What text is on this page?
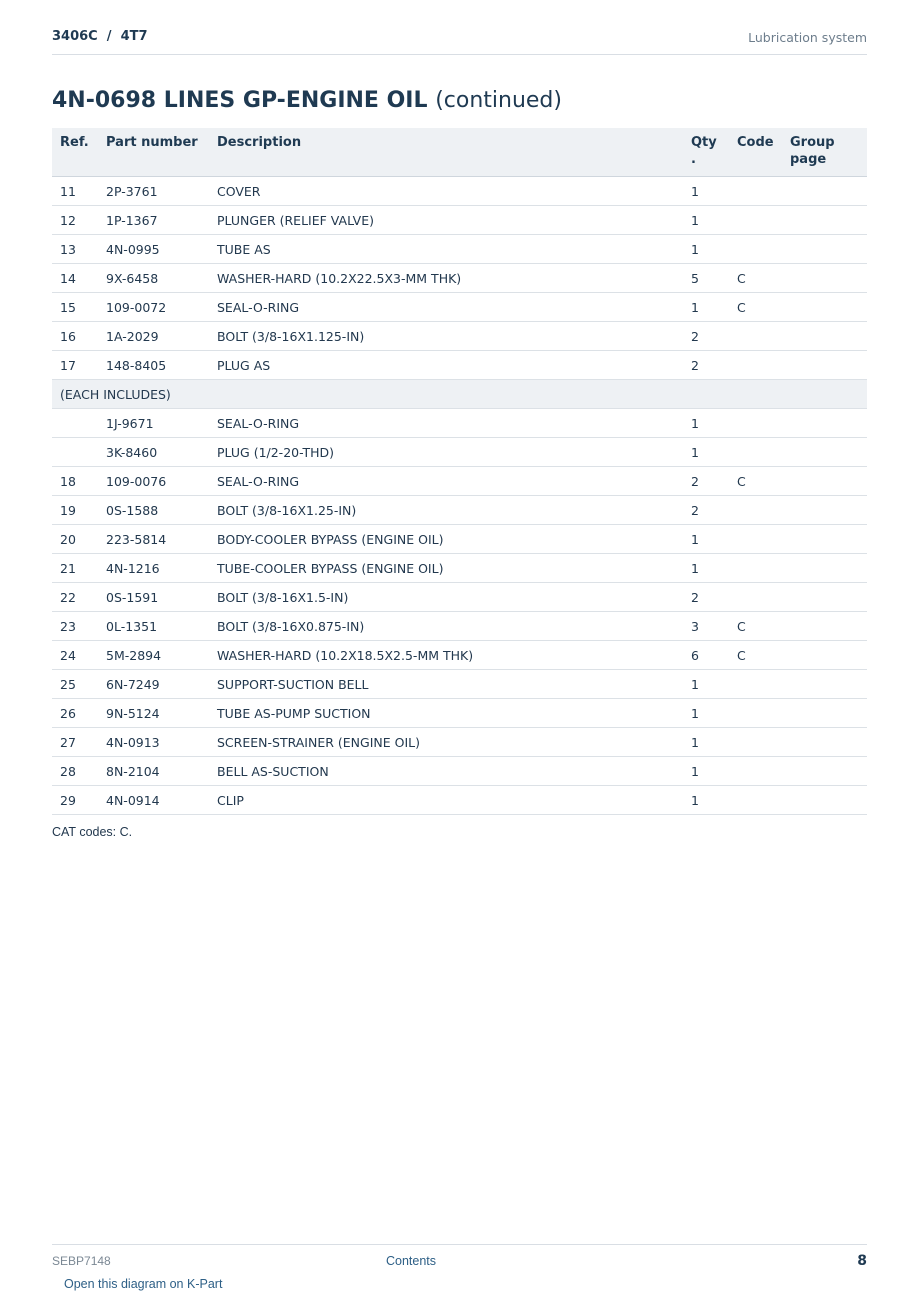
3406C  /  4T7	Lubrication system
4N-0698 LINES GP-ENGINE OIL (continued)
Ref.	Part number	Description	Qty .	Code	Group page
11	2P-3761	COVER	1		
12	1P-1367	PLUNGER (RELIEF VALVE)	1		
13	4N-0995	TUBE AS	1		
14	9X-6458	WASHER-HARD (10.2X22.5X3-MM THK)	5	C	
15	109-0072	SEAL-O-RING	1	C	
16	1A-2029	BOLT (3/8-16X1.125-IN)	2		
17	148-8405	PLUG AS	2		
(EACH INCLUDES)					
	1J-9671	SEAL-O-RING	1		
	3K-8460	PLUG (1/2-20-THD)	1		
18	109-0076	SEAL-O-RING	2	C	
19	0S-1588	BOLT (3/8-16X1.25-IN)	2		
20	223-5814	BODY-COOLER BYPASS (ENGINE OIL)	1		
21	4N-1216	TUBE-COOLER BYPASS (ENGINE OIL)	1		
22	0S-1591	BOLT (3/8-16X1.5-IN)	2		
23	0L-1351	BOLT (3/8-16X0.875-IN)	3	C	
24	5M-2894	WASHER-HARD (10.2X18.5X2.5-MM THK)	6	C	
25	6N-7249	SUPPORT-SUCTION BELL	1		
26	9N-5124	TUBE AS-PUMP SUCTION	1		
27	4N-0913	SCREEN-STRAINER (ENGINE OIL)	1		
28	8N-2104	BELL AS-SUCTION	1		
29	4N-0914	CLIP	1		
CAT codes: C.
SEBP7148	Contents	8
Open this diagram on K-Part
